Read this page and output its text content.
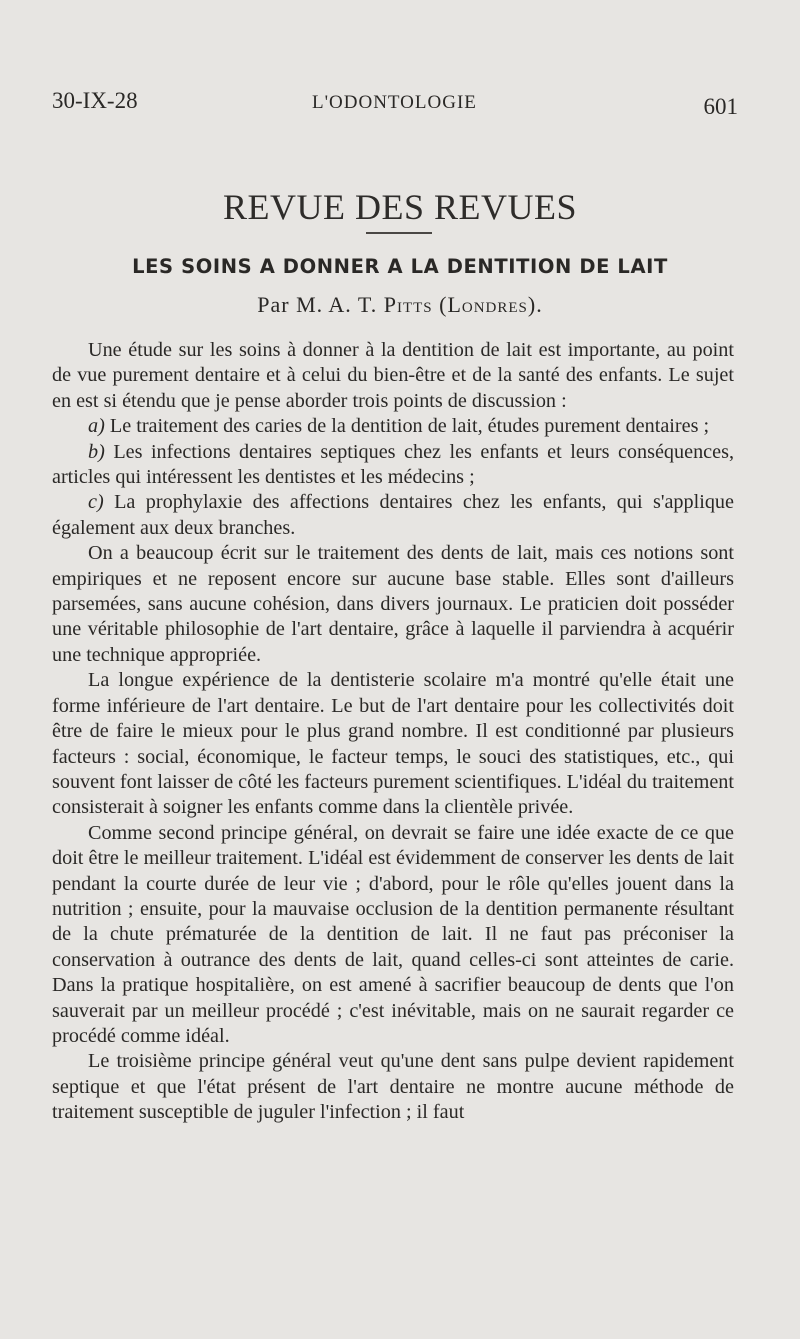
30-IX-28	L'ODONTOLOGIE	601
REVUE DES REVUES
LES SOINS A DONNER A LA DENTITION DE LAIT
Par M. A. T. Pitts (Londres).

Une étude sur les soins à donner à la dentition de lait est importante, au point de vue purement dentaire et à celui du bien-être et de la santé des enfants. Le sujet en est si étendu que je pense aborder trois points de discussion :

a) Le traitement des caries de la dentition de lait, études purement dentaires ;

b) Les infections dentaires septiques chez les enfants et leurs conséquences, articles qui intéressent les dentistes et les médecins ;

c) La prophylaxie des affections dentaires chez les enfants, qui s'applique également aux deux branches.

On a beaucoup écrit sur le traitement des dents de lait, mais ces notions sont empiriques et ne reposent encore sur aucune base stable. Elles sont d'ailleurs parsemées, sans aucune cohésion, dans divers journaux. Le praticien doit posséder une véritable philosophie de l'art dentaire, grâce à laquelle il parviendra à acquérir une technique appropriée.

La longue expérience de la dentisterie scolaire m'a montré qu'elle était une forme inférieure de l'art dentaire. Le but de l'art dentaire pour les collectivités doit être de faire le mieux pour le plus grand nombre. Il est conditionné par plusieurs facteurs : social, économique, le facteur temps, le souci des statistiques, etc., qui souvent font laisser de côté les facteurs purement scientifiques. L'idéal du traitement consisterait à soigner les enfants comme dans la clientèle privée.

Comme second principe général, on devrait se faire une idée exacte de ce que doit être le meilleur traitement. L'idéal est évidemment de conserver les dents de lait pendant la courte durée de leur vie ; d'abord, pour le rôle qu'elles jouent dans la nutrition ; ensuite, pour la mauvaise occlusion de la dentition permanente résultant de la chute prématurée de la dentition de lait. Il ne faut pas préconiser la conservation à outrance des dents de lait, quand celles-ci sont atteintes de carie. Dans la pratique hospitalière, on est amené à sacrifier beaucoup de dents que l'on sauverait par un meilleur procédé ; c'est inévitable, mais on ne saurait regarder ce procédé comme idéal.

Le troisième principe général veut qu'une dent sans pulpe devient rapidement septique et que l'état présent de l'art dentaire ne montre aucune méthode de traitement susceptible de juguler l'infection ; il faut
